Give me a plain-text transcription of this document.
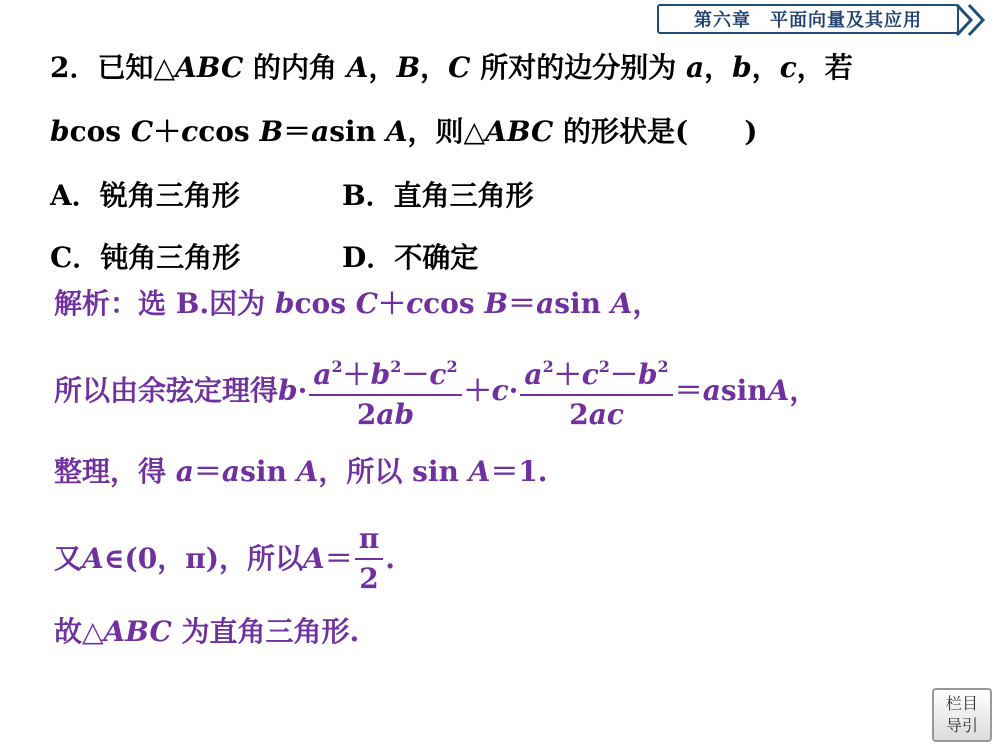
第六章　平面向量及其应用
2．已知△ABC 的内角 A，B，C 所对的边分别为 a，b，c，若
bcos C＋ccos B＝asin A，则△ABC 的形状是(　　)
A．锐角三角形	B．直角三角形
C．钝角三角形	D．不确定
解析：选 B.因为 bcos C＋ccos B＝asin A，
所以由余弦定理得 $b \cdot \frac{a^2+b^2-c^2}{2ab} + c \cdot \frac{a^2+c^2-b^2}{2ac} = a$ sin A ，
整理，得 a＝asin A，所以 sin A＝1.
又 A ∈(0，π)，所以 $A = \frac{\pi}{2}$ .
故△ABC 为直角三角形.
栏目
导引
